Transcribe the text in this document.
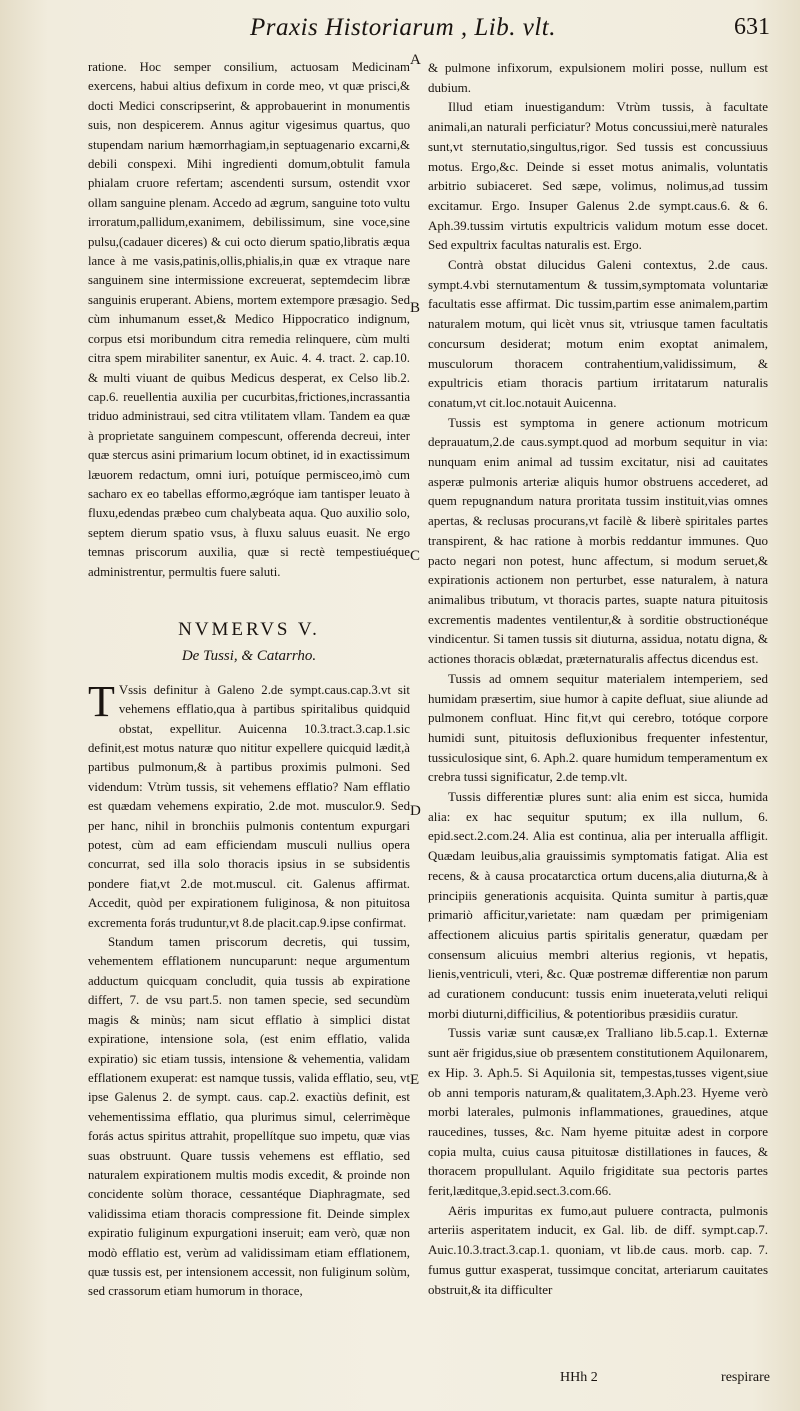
Praxis Historiarum , Lib. vlt.	631

ratione. Hoc semper consilium, actuosam Medicinam exercens, habui altius defixum in corde meo, vt quæ prisci,& docti Medici conscripserint, & approbauerint in monumentis suis, non despicerem. Annus agitur vigesimus quartus, quo stupendam narium hæmorrhagiam,in septuagenario excarni,& debili conspexi. Mihi ingredienti domum,obtulit famula phialam cruore refertam; ascendenti sursum, ostendit vxor ollam sanguine plenam. Accedo ad ægrum, sanguine toto vultu irroratum,pallidum,exanimem, debilissimum, sine voce,sine pulsu,(cadauer diceres) & cui octo dierum spatio,libratis æqua lance à me vasis,patinis,ollis,phialis,in quæ ex vtraque nare sanguinem sine intermissione excreuerat, septemdecim libræ sanguinis eruperant. Abiens, mortem extempore præsagio. Sed cùm inhumanum esset,& Medico Hippocratico indignum, corpus etsi moribundum citra remedia relinquere, cùm multi citra spem mirabiliter sanentur, ex Auic. 4. 4. tract. 2. cap.10. & multi viuant de quibus Medicus desperat, ex Celso lib.2. cap.6. reuellentia auxilia per cucurbitas,frictiones,incrassantia triduo administraui, sed citra vtilitatem vllam. Tandem ea quæ à proprietate sanguinem compescunt, offerenda decreui, inter quæ stercus asini primarium locum obtinet, id in exactissimum læuorem redactum, omni iuri, potuíque permisceo,imò cum sacharo ex eo tabellas efformo,ægróque iam tantisper leuato à fluxu,edendas præbeo cum chalybeata aqua. Quo auxilio solo, septem dierum spatio vsus, à fluxu saluus euasit. Ne ergo temnas priscorum auxilia, quæ si rectè tempestiuéque administrentur, permultis fuere saluti.

NVMERVS V.
De Tussi, & Catarrho.

T Vssis definitur à Galeno 2.de sympt.caus.cap.3.vt sit vehemens efflatio,qua à partibus spiritalibus quidquid obstat, expellitur. Auicenna 10.3.tract.3.cap.1.sic definit,est motus naturæ quo nititur expellere quicquid lædit,à partibus pulmonum,& à partibus proximis pulmoni. Sed videndum: Vtrùm tussis, sit vehemens efflatio? Nam efflatio est quædam vehemens expiratio, 2.de mot. musculor.9. Sed per hanc, nihil in bronchiis pulmonis contentum expurgari potest, cùm ad eam efficiendam musculi nullius opera concurrat, sed illa solo thoracis ipsius in se subsidentis pondere fiat,vt 2.de mot.muscul. cit. Galenus affirmat. Accedit, quòd per expirationem fuliginosa, & non pituitosa excrementa forás truduntur,vt 8.de placit.cap.9.ipse confirmat.

Standum tamen priscorum decretis, qui tussim, vehementem efflationem nuncuparunt: neque argumentum adductum quicquam concludit, quia tussis ab expiratione differt, 7. de vsu part.5. non tamen specie, sed secundùm magis & minùs; nam sicut efflatio à simplici distat expiratione, intensione sola, (est enim efflatio, valida expiratio) sic etiam tussis, intensione & vehementia, validam efflationem exuperat: est namque tussis, valida efflatio, seu, vt ipse Galenus 2. de sympt. caus. cap.2. exactiùs definit, est vehementissima efflatio, qua plurimus simul, celerrimèque forás actus spiritus attrahit, propellítque suo impetu, quæ vias suas obstruunt. Quare tussis vehemens est efflatio, sed naturalem expirationem multis modis excedit, & proinde non concidente solùm thorace, cessantéque Diaphragmate, sed validissima etiam thoracis compressione fit. Deinde simplex expiratio fuliginum expurgationi inseruit; eam verò, quæ non modò efflatio est, verùm ad validissimam etiam efflationem, quæ tussis est, per intensionem accessit, non fuliginum solùm, sed crassorum etiam humorum in thorace,

& pulmone infixorum, expulsionem moliri posse, nullum est dubium.

Illud etiam inuestigandum: Vtrùm tussis, à facultate animali,an naturali perficiatur? Motus concussiui,merè naturales sunt,vt sternutatio,singultus,rigor. Sed tussis est concussiuus motus. Ergo,&c. Deinde si esset motus animalis, voluntatis arbitrio subiaceret. Sed sæpe, volimus, nolimus,ad tussim excitamur. Ergo. Insuper Galenus 2.de sympt.caus.6. & 6. Aph.39.tussim virtutis expultricis validum motum esse docet. Sed expultrix facultas naturalis est. Ergo.

Contrà obstat dilucidus Galeni contextus, 2.de caus. sympt.4.vbi sternutamentum & tussim,symptomata voluntariæ facultatis esse affirmat. Dic tussim,partim esse animalem,partim naturalem motum, qui licèt vnus sit, vtriusque tamen facultatis concursum desiderat; motum enim exoptat animalem, musculorum thoracem contrahentium,validissimum, & expultricis etiam thoracis partium irritatarum naturalis conatum,vt cit.loc.notauit Auicenna.

Tussis est symptoma in genere actionum motricum deprauatum,2.de caus.sympt.quod ad morbum sequitur in via: nunquam enim animal ad tussim excitatur, nisi ad cauitates asperæ pulmonis arteriæ aliquis humor obstruens accederet, ad quem repugnandum natura proritata tussim instituit,vias omnes apertas, & reclusas procurans,vt facilè & liberè spiritales partes transpirent, & hac ratione à morbis reddantur immunes. Quo pacto negari non potest, hunc affectum, si modum seruet,& expirationis actionem non perturbet, esse naturalem, à natura animalibus tributum, vt thoracis partes, suapte natura pituitosis excrementis madentes ventilentur,& à sorditie obstructionéque vindicentur. Si tamen tussis sit diuturna, assidua, notatu digna, & actiones thoracis oblædat, præternaturalis affectus dicendus est.

Tussis ad omnem sequitur materialem intemperiem, sed humidam præsertim, siue humor à capite defluat, siue aliunde ad pulmonem confluat. Hinc fit,vt qui cerebro, totóque corpore humidi sunt, pituitosis defluxionibus frequenter infestentur, tussiculosique sint, 6. Aph.2. quare humidum temperamentum ex crebra tussi significatur, 2.de temp.vlt.

Tussis differentiæ plures sunt: alia enim est sicca, humida alia: ex hac sequitur sputum; ex illa nullum, 6. epid.sect.2.com.24. Alia est continua, alia per interualla affligit. Quædam leuibus,alia grauissimis symptomatis fatigat. Alia est recens, & à causa procatarctica ortum ducens,alia diuturna,& à principiis generationis acquisita. Quinta sumitur à partis,quæ primariò afficitur,varietate: nam quædam per primigeniam affectionem alicuius partis spiritalis generatur, quædam per consensum alicuius membri alterius regionis, vt hepatis, lienis,ventriculi, vteri, &c. Quæ postremæ differentiæ non parum ad curationem conducunt: tussis enim inueterata,veluti reliqui morbi diuturni,difficilius, & potentioribus præsidiis curatur.

Tussis variæ sunt causæ,ex Tralliano lib.5.cap.1. Externæ sunt aër frigidus,siue ob præsentem constitutionem Aquilonarem, ex Hip. 3. Aph.5. Si Aquilonia sit, tempestas,tusses vigent,siue ob anni temporis naturam,& qualitatem,3.Aph.23. Hyeme verò morbi laterales, pulmonis inflammationes, grauedines, atque raucedines, tusses, &c. Nam hyeme pituitæ adest in corpore copia multa, cuius causa pituitosæ distillationes in fauces, & thoracem propullulant. Aquilo frigiditate sua pectoris partes ferit,læditque,3.epid.sect.3.com.66.

Aëris impuritas ex fumo,aut puluere contracta, pulmonis arteriis asperitatem inducit, ex Gal. lib. de diff. sympt.cap.7. Auic.10.3.tract.3.cap.1. quoniam, vt lib.de caus. morb. cap. 7. fumus guttur exasperat, tussimque concitat, arteriarum cauitates obstruit,& ita difficulter

A
B
C
D
E
HHh 2	respirare
